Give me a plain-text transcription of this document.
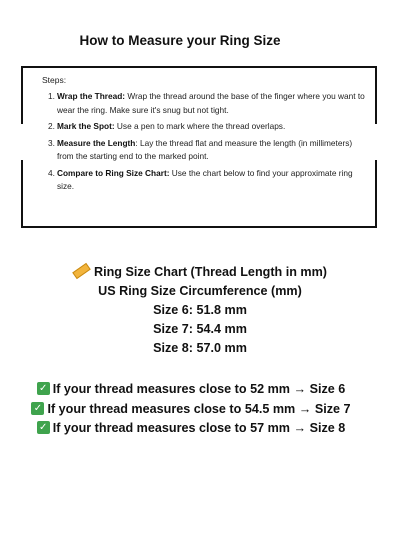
How to Measure your Ring Size
Steps:
1. Wrap the Thread: Wrap the thread around the base of the finger where you want to wear the ring. Make sure it's snug but not tight.
2. Mark the Spot: Use a pen to mark where the thread overlaps.
3. Measure the Length: Lay the thread flat and measure the length (in millimeters) from the starting end to the marked point.
4. Compare to Ring Size Chart: Use the chart below to find your approximate ring size.
Ring Size Chart (Thread Length in mm)
US Ring Size Circumference (mm)
Size 6: 51.8 mm
Size 7: 54.4 mm
Size 8: 57.0 mm
✓ If your thread measures close to 52 mm → Size 6
✓ If your thread measures close to 54.5 mm → Size 7
✓ If your thread measures close to 57 mm → Size 8
